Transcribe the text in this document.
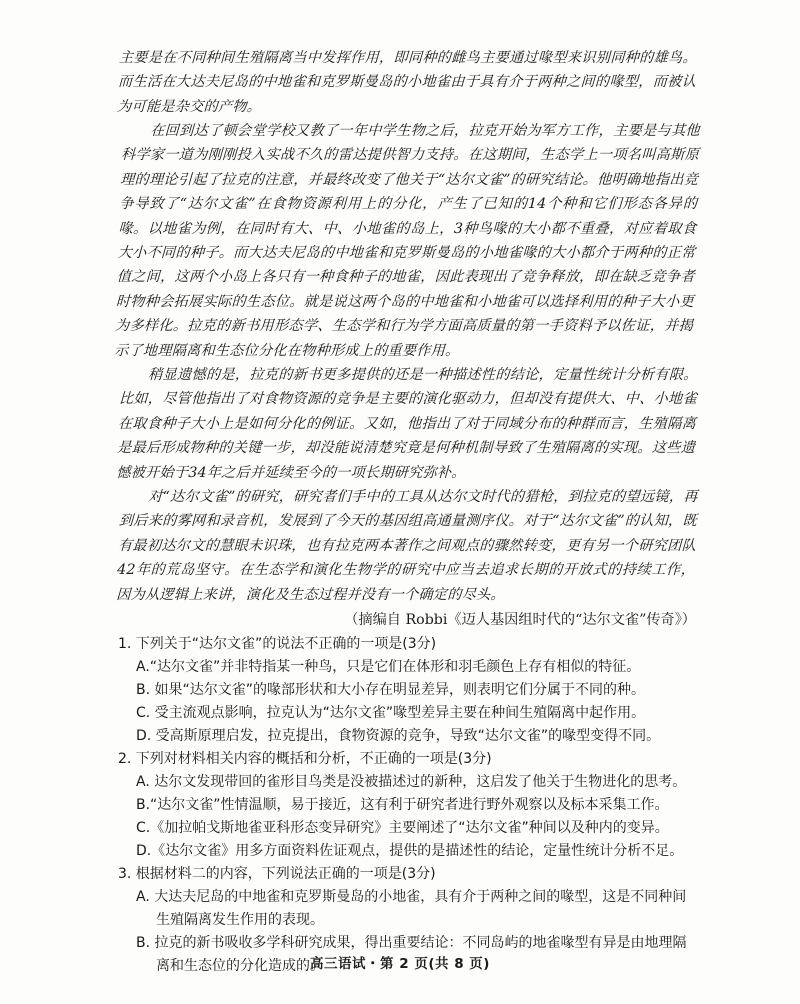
主要是在不同种间生殖隔离当中发挥作用，即同种的雌鸟主要通过喙型来识别同种的雄鸟。而生活在大达夫尼岛的中地雀和克罗斯曼岛的小地雀由于具有介于两种之间的喙型，而被认为可能是杂交的产物。

在回到达了顿会堂学校又教了一年中学生物之后，拉克开始为军方工作，主要是与其他科学家一道为刚刚投入实战不久的雷达提供智力支持。在这期间，生态学上一项名叫高斯原理的理论引起了拉克的注意，并最终改变了他关于“达尔文雀”的研究结论。他明确地指出竞争导致了“达尔文雀”在食物资源利用上的分化，产生了已知的14个种和它们形态各异的喙。以地雀为例，在同时有大、中、小地雀的岛上，3种鸟喙的大小都不重叠，对应着取食大小不同的种子。而大达夫尼岛的中地雀和克罗斯曼岛的小地雀喙的大小都介于两种的正常值之间，这两个小岛上各只有一种食种子的地雀，因此表现出了竞争释放，即在缺乏竞争者时物种会拓展实际的生态位。就是说这两个岛的中地雀和小地雀可以选择利用的种子大小更为多样化。拉克的新书用形态学、生态学和行为学方面高质量的第一手资料予以佐证，并揭示了地理隔离和生态位分化在物种形成上的重要作用。

稍显遗憾的是，拉克的新书更多提供的还是一种描述性的结论，定量性统计分析有限。比如，尽管他指出了对食物资源的竞争是主要的演化驱动力，但却没有提供大、中、小地雀在取食种子大小上是如何分化的例证。又如，他指出了对于同域分布的种群而言，生殖隔离是最后形成物种的关键一步，却没能说清楚究竟是何种机制导致了生殖隔离的实现。这些遗憾被开始于34年之后并延续至今的一项长期研究弥补。

对“达尔文雀”的研究，研究者们手中的工具从达尔文时代的猎枪，到拉克的望远镜，再到后来的雾网和录音机，发展到了今天的基因组高通量测序仪。对于“达尔文雀”的认知，既有最初达尔文的慧眼未识珠，也有拉克两本著作之间观点的骤然转变，更有另一个研究团队42年的荒岛坚守。在生态学和演化生物学的研究中应当去追求长期的开放式的持续工作，因为从逻辑上来讲，演化及生态过程并没有一个确定的尽头。

（摘编自 Robbi《迈人基因组时代的“达尔文雀”传奇》）

1. 下列关于“达尔文雀”的说法不正确的一项是(3分)

A.“达尔文雀”并非特指某一种鸟，只是它们在体形和羽毛颜色上存有相似的特征。

B. 如果“达尔文雀”的喙部形状和大小存在明显差异，则表明它们分属于不同的种。

C. 受主流观点影响，拉克认为“达尔文雀”喙型差异主要在种间生殖隔离中起作用。

D. 受高斯原理启发，拉克提出，食物资源的竞争，导致“达尔文雀”的喙型变得不同。

2. 下列对材料相关内容的概括和分析，不正确的一项是(3分)

A. 达尔文发现带回的雀形目鸟类是没被描述过的新种，这启发了他关于生物进化的思考。

B.“达尔文雀”性情温顺，易于接近，这有利于研究者进行野外观察以及标本采集工作。

C.《加拉帕戈斯地雀亚科形态变异研究》主要阐述了“达尔文雀”种间以及种内的变异。

D.《达尔文雀》用多方面资料佐证观点，提供的是描述性的结论，定量性统计分析不足。

3. 根据材料二的内容，下列说法正确的一项是(3分)

A. 大达夫尼岛的中地雀和克罗斯曼岛的小地雀，具有介于两种之间的喙型，这是不同种间生殖隔离发生作用的表现。

B. 拉克的新书吸收多学科研究成果，得出重要结论：不同岛屿的地雀喙型有异是由地理隔离和生态位的分化造成的。

高三语试・第 2 页(共 8 页)
